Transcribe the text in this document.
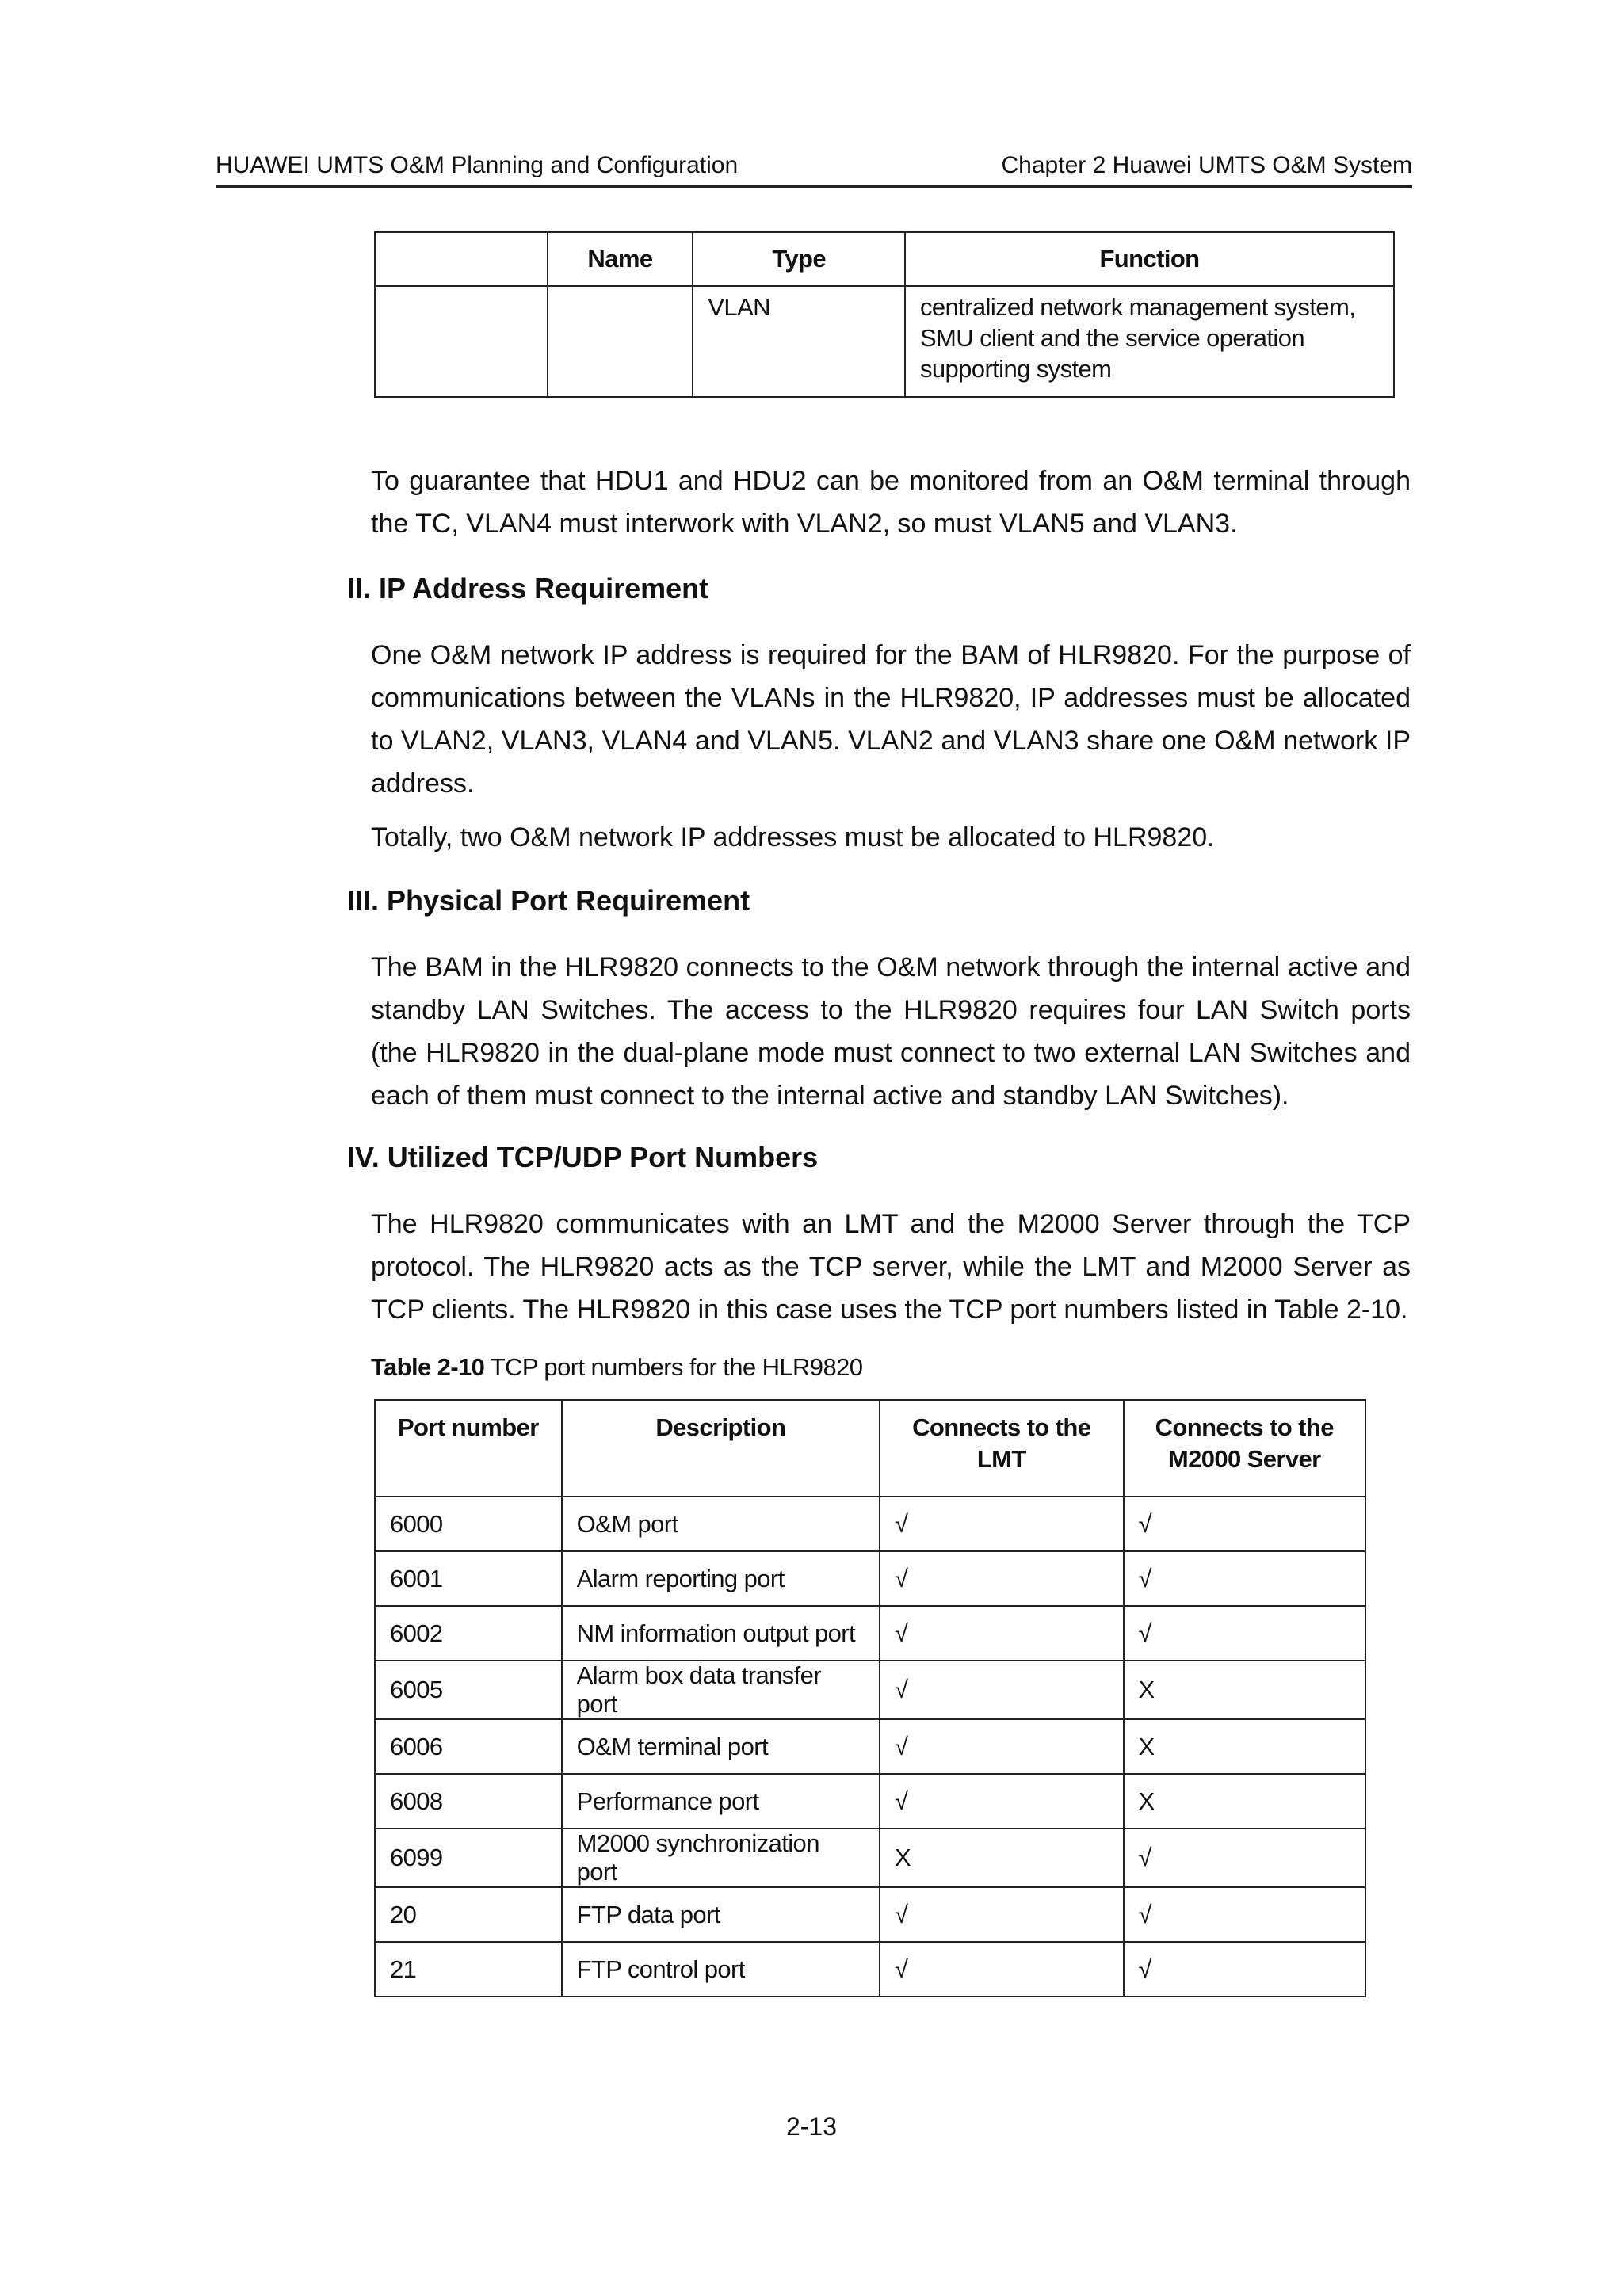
HUAWEI UMTS O&M Planning and Configuration	Chapter 2 Huawei UMTS O&M System
	Name	Type	Function
		VLAN	centralized network management system,
SMU client and the service operation
supporting system
To guarantee that HDU1 and HDU2 can be monitored from an O&M terminal through the TC, VLAN4 must interwork with VLAN2, so must VLAN5 and VLAN3.
II. IP Address Requirement
One O&M network IP address is required for the BAM of HLR9820. For the purpose of communications between the VLANs in the HLR9820, IP addresses must be allocated to VLAN2, VLAN3, VLAN4 and VLAN5. VLAN2 and VLAN3 share one O&M network IP address.
Totally, two O&M network IP addresses must be allocated to HLR9820.
III. Physical Port Requirement
The BAM in the HLR9820 connects to the O&M network through the internal active and standby LAN Switches. The access to the HLR9820 requires four LAN Switch ports (the HLR9820 in the dual-plane mode must connect to two external LAN Switches and each of them must connect to the internal active and standby LAN Switches).
IV. Utilized TCP/UDP Port Numbers
The HLR9820 communicates with an LMT and the M2000 Server through the TCP protocol. The HLR9820 acts as the TCP server, while the LMT and M2000 Server as TCP clients. The HLR9820 in this case uses the TCP port numbers listed in Table 2-10.
Table 2-10 TCP port numbers for the HLR9820
Port number	Description	Connects to the LMT	Connects to the M2000 Server
6000	O&M port	√	√
6001	Alarm reporting port	√	√
6002	NM information output port	√	√
6005	Alarm box data transfer port	√	X
6006	O&M terminal port	√	X
6008	Performance port	√	X
6099	M2000 synchronization port	X	√
20	FTP data port	√	√
21	FTP control port	√	√
2-13
